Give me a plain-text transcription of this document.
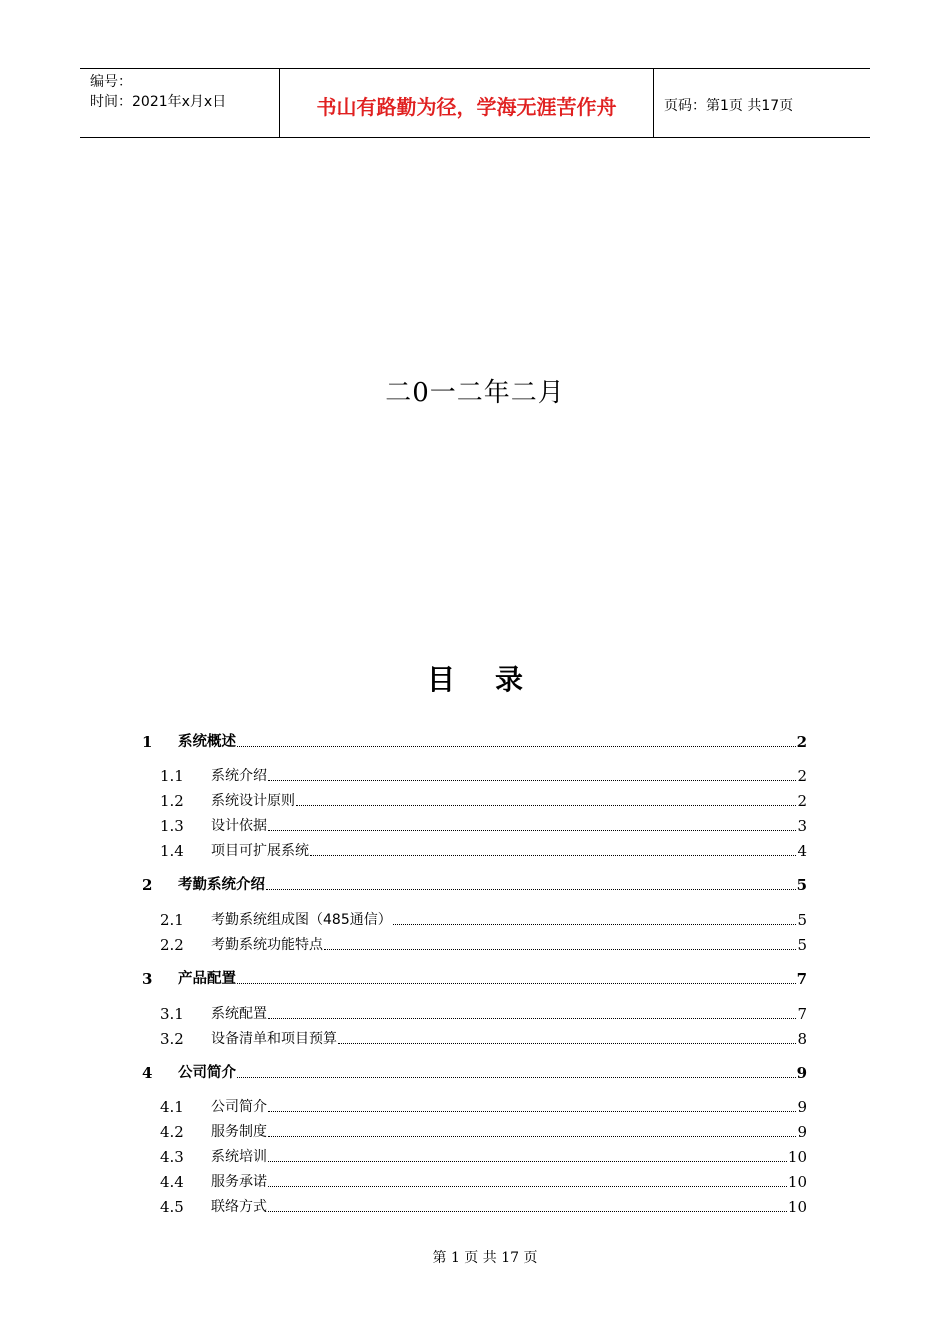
编号：
时间：2021年x月x日	书山有路勤为径，学海无涯苦作舟	页码：第1页 共17页
二0一二年二月
目录
1	系统概述	2
1.1	系统介绍	2
1.2	系统设计原则	2
1.3	设计依据	3
1.4	项目可扩展系统	4
2	考勤系统介绍	5
2.1	考勤系统组成图（485通信）	5
2.2	考勤系统功能特点	5
3	产品配置	7
3.1	系统配置	7
3.2	设备清单和项目预算	8
4	公司简介	9
4.1	公司简介	9
4.2	服务制度	9
4.3	系统培训	10
4.4	服务承诺	10
4.5	联络方式	10
第 1 页 共 17 页
